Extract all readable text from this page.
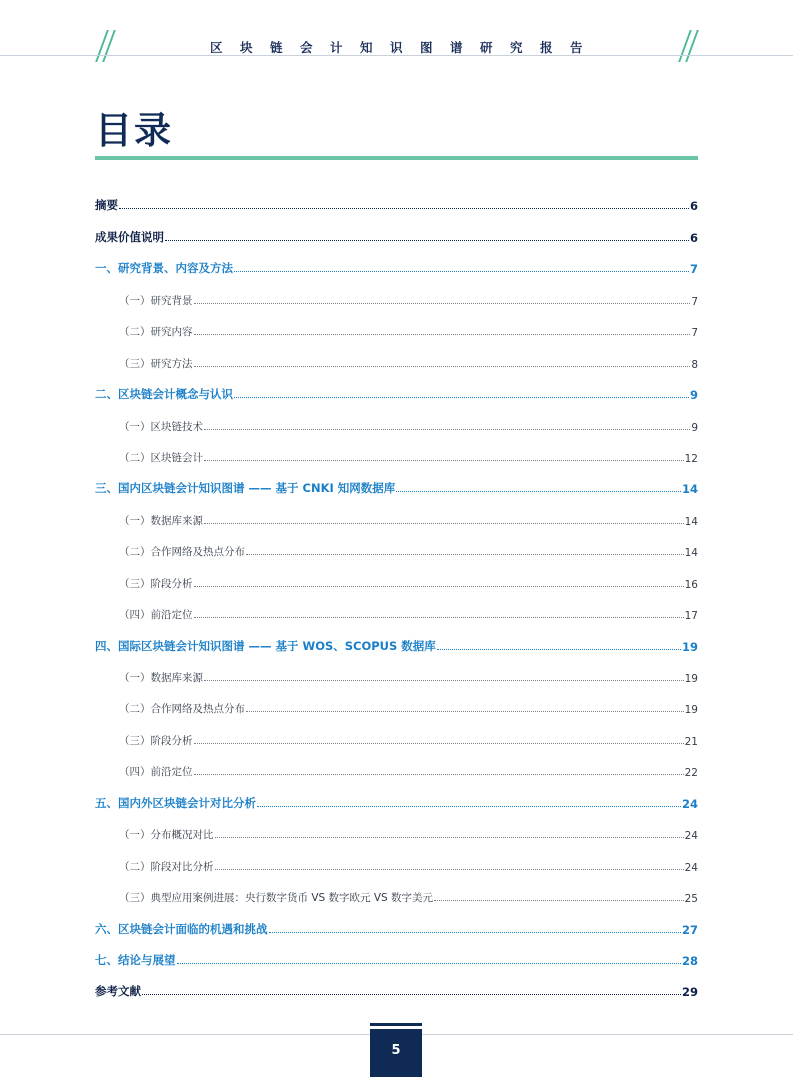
区块链会计知识图谱研究报告
目录
摘要	6
成果价值说明	6
一、研究背景、内容及方法	7
（一）研究背景	7
（二）研究内容	7
（三）研究方法	8
二、区块链会计概念与认识	9
（一）区块链技术	9
（二）区块链会计	12
三、国内区块链会计知识图谱 —— 基于 CNKI 知网数据库	14
（一）数据库来源	14
（二）合作网络及热点分布	14
（三）阶段分析	16
（四）前沿定位	17
四、国际区块链会计知识图谱 —— 基于 WOS、SCOPUS 数据库	19
（一）数据库来源	19
（二）合作网络及热点分布	19
（三）阶段分析	21
（四）前沿定位	22
五、国内外区块链会计对比分析	24
（一）分布概况对比	24
（二）阶段对比分析	24
（三）典型应用案例进展：央行数字货币 VS 数字欧元 VS 数字美元	25
六、区块链会计面临的机遇和挑战	27
七、结论与展望	28
参考文献	29
5
